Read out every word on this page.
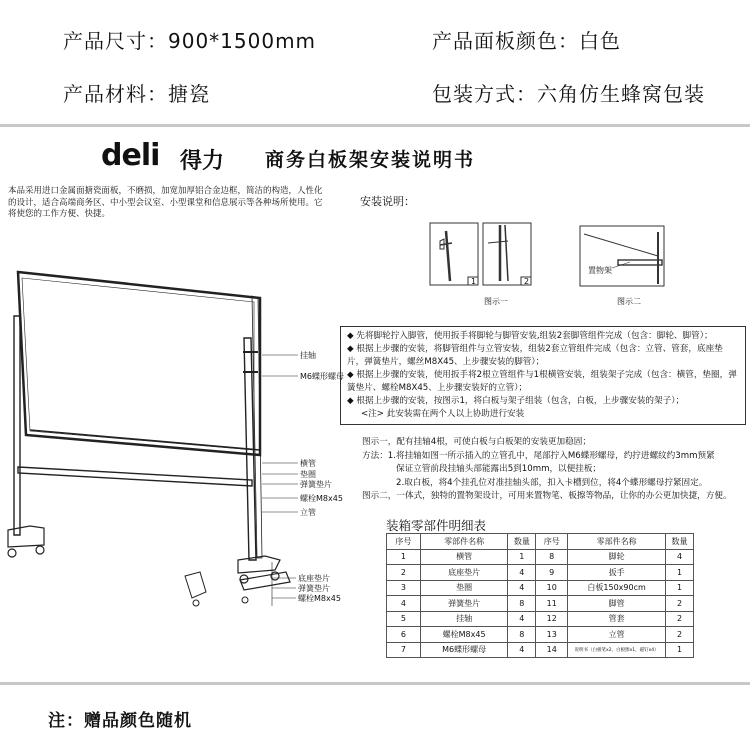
产品尺寸：900*1500mm	产品面板颜色：白色
产品材料：搪瓷	包装方式：六角仿生蜂窝包装
deli 得力 商务白板架安装说明书
本品采用进口金属面搪瓷面板，不磨损，加宽加厚铝合金边框，简洁的构造，人性化的设计，适合高端商务区、中小型会议室、小型课堂和信息展示等各种场所使用。它将使您的工作方便、快捷。
安装说明：
挂轴
M6蝶形螺母
横管
垫圈
弹簧垫片
螺栓M8x45
立管
底座垫片
弹簧垫片
螺栓M8x45
1	2
图示一
置物架
图示二

◆ 先将脚轮拧入脚管，使用扳手将脚轮与脚管安装,组装2套脚管组件完成（包含：脚轮、脚管）；

◆ 根据上步骤的安装，将脚管组件与立管安装，组装2套立管组件完成（包含：立管、管套，底座垫片，弹簧垫片，螺丝M8X45、上步骤安装的脚管）；

◆ 根据上步骤的安装，使用扳手将2根立管组件与1根横管安装，组装架子完成（包含：横管，垫圈，弹簧垫片、螺栓M8X45、上步骤安装好的立管）；

◆ 根据上步骤的安装，按图示1，将白板与架子组装（包含，白板，上步骤安装的架子）；

<注> 此安装需在两个人以上协助进行安装

图示一，配有挂轴4根，可使白板与白板架的安装更加稳固；

方法：1.将挂轴如图一所示插入的立管孔中，尾部拧入M6蝶形螺母，约拧进螺纹约3mm预紧

保证立管前段挂轴头部能露出5到10mm，以便挂板；

2.取白板，将4个挂孔位对准挂轴头部，扣入卡槽到位，将4个蝶形螺母拧紧固定。

图示二，一体式，独特的置物架设计，可用来置物笔、板擦等物品，让你的办公更加快捷，方便。

装箱零部件明细表
序号	零部件名称	数量	序号	零部件名称	数量
1	横管	1	8	脚轮	4
2	底座垫片	4	9	扳手	1
3	垫圈	4	10	白板150x90cm	1
4	弹簧垫片	8	11	脚管	2
5	挂轴	4	12	管套	2
6	螺栓M8x45	8	13	立管	2
7	M6蝶形螺母	4	14	说明书（白板笔x2，白板擦x1，磁钉x4）	1
注：赠品颜色随机
